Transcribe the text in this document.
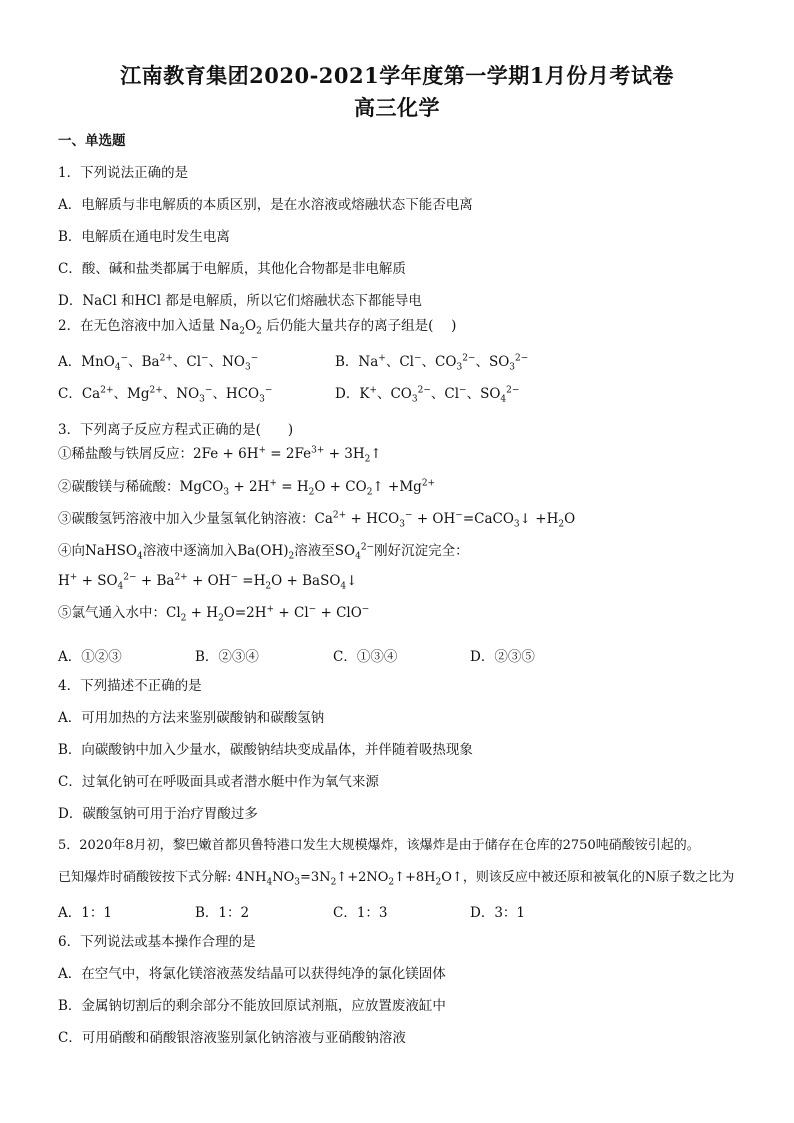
江南教育集团2020-2021学年度第一学期1月份月考试卷
高三化学
一、单选题
1．下列说法正确的是
A．电解质与非电解质的本质区别，是在水溶液或熔融状态下能否电离
B．电解质在通电时发生电离
C．酸、碱和盐类都属于电解质，其他化合物都是非电解质
D．NaCl 和HCl 都是电解质，所以它们熔融状态下都能导电
2．在无色溶液中加入适量 $Na_2O_2$ 后仍能大量共存的离子组是(　 )
A．MnO$_4$−、$Ba^{2+}$、Cl−、$NO_3^-$	B．Na+、Cl−、$CO_3^{2-}$、$SO_3^{2-}$
C．$Ca^{2+}$、$Mg^{2+}$、$NO_3^-$、$HCO_3^-$	D．K+、$CO_3^{2-}$、Cl−、$SO_4^{2-}$
3．下列离子反应方程式正确的是(　　)
①稀盐酸与铁屑反应：$2Fe + 6H^+ = 2Fe^{3+}$ + $3H_2↑$
②碳酸镁与稀硫酸：MgCO$_3$ + $2H^+ = H_2O$ + $CO_2↑ +Mg^{2+}$
③碳酸氢钙溶液中加入少量氢氧化钠溶液：$Ca^{2+} + HCO_3^-$ + OH−=CaCO$_3$↓ $+H_2O$
④向NaHSO$_4$溶液中逐滴加入$Ba(OH)_2$溶液至$SO_4^{2-}$刚好沉淀完全：
$H^+ + SO_4^{2-} + Ba^{2+} + OH^- =H_2O$ + BaSO$_4$↓
⑤氯气通入水中：$Cl_2 + H_2O=2H^+ + Cl^- + ClO^-$
A．①②③	B．②③④	C．①③④	D．②③⑤
4．下列描述不正确的是
A．可用加热的方法来鉴别碳酸钠和碳酸氢钠
B．向碳酸钠中加入少量水，碳酸钠结块变成晶体，并伴随着吸热现象
C．过氧化钠可在呼吸面具或者潜水艇中作为氧气来源
D．碳酸氢钠可用于治疗胃酸过多
5．2020年8月初，黎巴嫩首都贝鲁特港口发生大规模爆炸，该爆炸是由于储存在仓库的2750吨硝酸铵引起的。
已知爆炸时硝酸铵按下式分解: $4NH_4NO_3=3N_2↑+2NO_2↑+8H_2O↑$，则该反应中被还原和被氧化的N原子数之比为
A．1：1	B．1：2	C．1：3	D．3：1
6．下列说法或基本操作合理的是
A．在空气中，将氯化镁溶液蒸发结晶可以获得纯净的氯化镁固体
B．金属钠切割后的剩余部分不能放回原试剂瓶，应放置废液缸中
C．可用硝酸和硝酸银溶液鉴别氯化钠溶液与亚硝酸钠溶液
